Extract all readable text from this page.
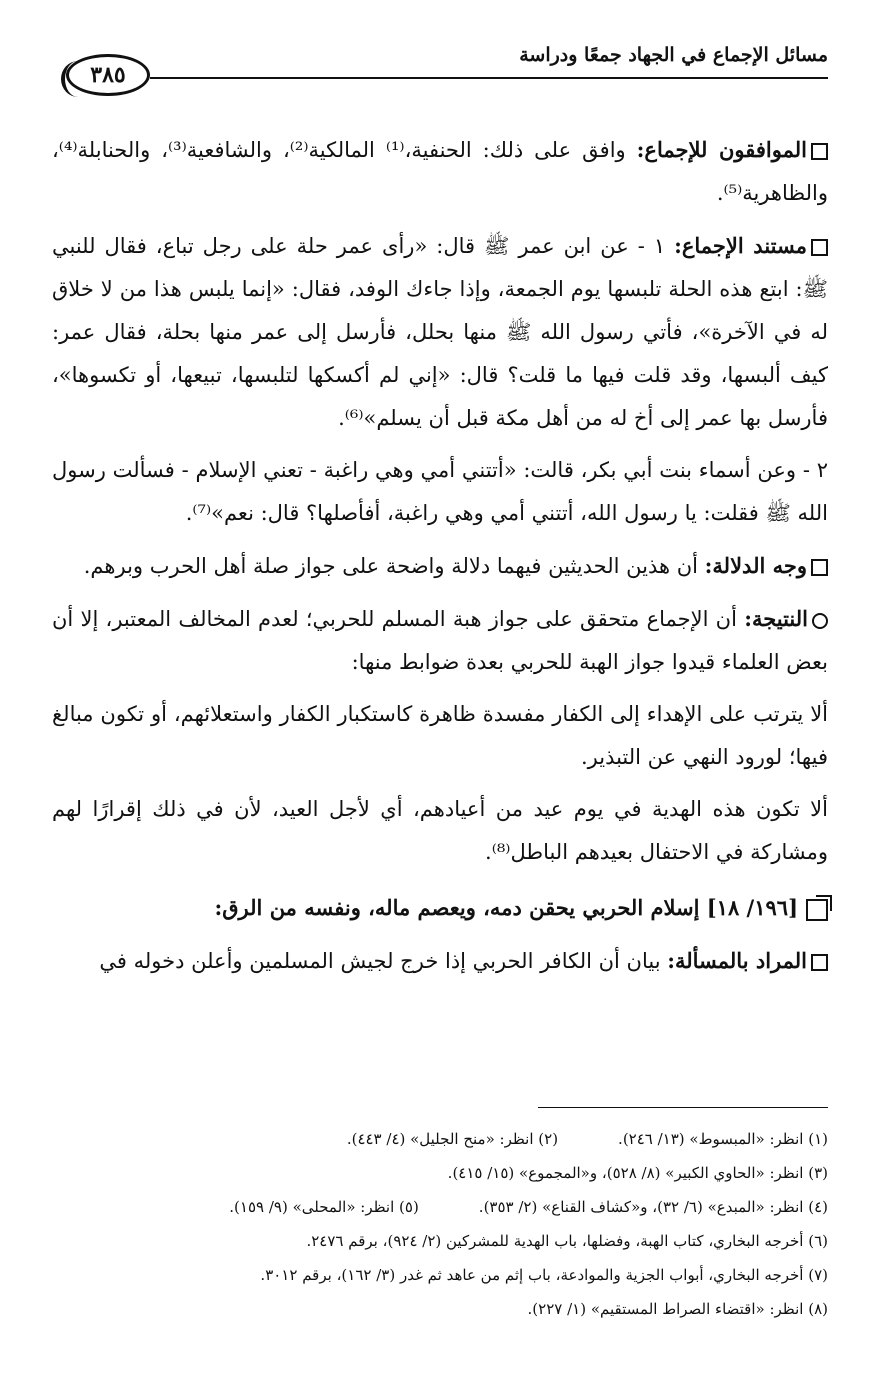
مسائل الإجماع في الجهاد جمعًا ودراسة
٣٨٥

الموافقون للإجماع: وافق على ذلك: الحنفية،⁽¹⁾ المالكية⁽²⁾، والشافعية⁽³⁾، والحنابلة⁽⁴⁾، والظاهرية⁽⁵⁾.

مستند الإجماع: ١ - عن ابن عمر ﷺ قال: «رأى عمر حلة على رجل تباع، فقال للنبي ﷺ: ابتع هذه الحلة تلبسها يوم الجمعة، وإذا جاءك الوفد، فقال: «إنما يلبس هذا من لا خلاق له في الآخرة»، فأتي رسول الله ﷺ منها بحلل، فأرسل إلى عمر منها بحلة، فقال عمر: كيف ألبسها، وقد قلت فيها ما قلت؟ قال: «إني لم أكسكها لتلبسها، تبيعها، أو تكسوها»، فأرسل بها عمر إلى أخ له من أهل مكة قبل أن يسلم»⁽⁶⁾.

٢ - وعن أسماء بنت أبي بكر، قالت: «أتتني أمي وهي راغبة - تعني الإسلام - فسألت رسول الله ﷺ فقلت: يا رسول الله، أتتني أمي وهي راغبة، أفأصلها؟ قال: نعم»⁽⁷⁾.

وجه الدلالة: أن هذين الحديثين فيهما دلالة واضحة على جواز صلة أهل الحرب وبرهم.

النتيجة: أن الإجماع متحقق على جواز هبة المسلم للحربي؛ لعدم المخالف المعتبر، إلا أن بعض العلماء قيدوا جواز الهبة للحربي بعدة ضوابط منها:

ألا يترتب على الإهداء إلى الكفار مفسدة ظاهرة كاستكبار الكفار واستعلائهم، أو تكون مبالغ فيها؛ لورود النهي عن التبذير.

ألا تكون هذه الهدية في يوم عيد من أعيادهم، أي لأجل العيد، لأن في ذلك إقرارًا لهم ومشاركة في الاحتفال بعيدهم الباطل⁽⁸⁾.

[١٩٦/ ١٨] إسلام الحربي يحقن دمه، ويعصم ماله، ونفسه من الرق:

المراد بالمسألة: بيان أن الكافر الحربي إذا خرج لجيش المسلمين وأعلن دخوله في

(١) انظر: «المبسوط» (١٣/ ٢٤٦).
(٢) انظر: «منح الجليل» (٤/ ٤٤٣).
(٣) انظر: «الحاوي الكبير» (٨/ ٥٢٨)، و«المجموع» (١٥/ ٤١٥).
(٤) انظر: «المبدع» (٦/ ٣٢)، و«كشاف القناع» (٢/ ٣٥٣).
(٥) انظر: «المحلى» (٩/ ١٥٩).
(٦) أخرجه البخاري، كتاب الهبة، وفضلها، باب الهدية للمشركين (٢/ ٩٢٤)، برقم ٢٤٧٦.
(٧) أخرجه البخاري، أبواب الجزية والموادعة، باب إثم من عاهد ثم غدر (٣/ ١٦٢)، برقم ٣٠١٢.
(٨) انظر: «اقتضاء الصراط المستقيم» (١/ ٢٢٧).
